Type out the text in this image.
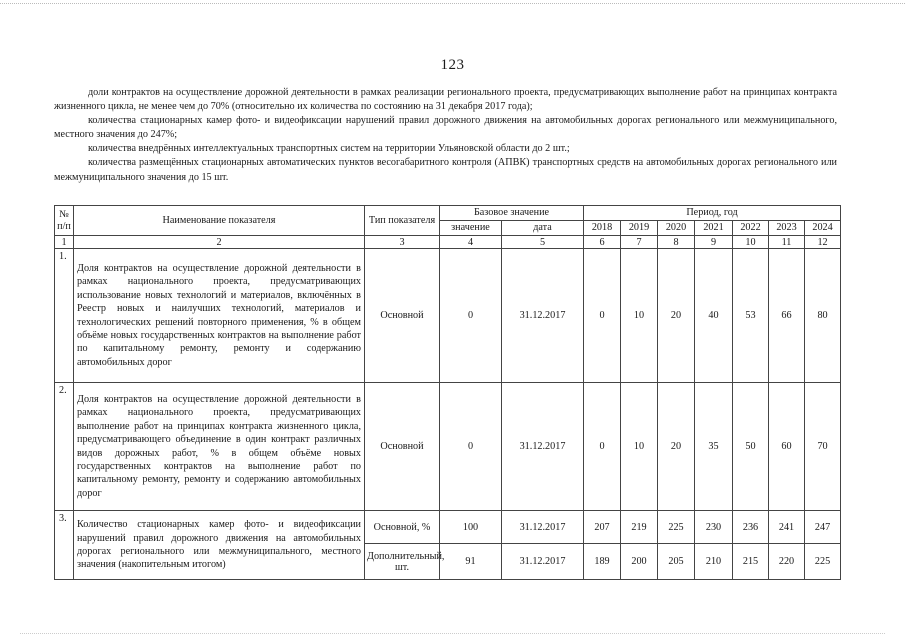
123

доли контрактов на осуществление дорожной деятельности в рамках реализации регионального проекта, предусматривающих выполнение работ на принципах контракта жизненного цикла, не менее чем до 70% (относительно их количества по состоянию на 31 декабря 2017 года);

количества стационарных камер фото- и видеофиксации нарушений правил дорожного движения на автомобильных дорогах регионального или межмуниципального, местного значения до 247%;

количества внедрённых интеллектуальных транспортных систем на территории Ульяновской области до 2 шт.;

количества размещённых стационарных автоматических пунктов весогабаритного контроля (АПВК) транспортных средств на автомобильных дорогах регионального или межмуниципального значения до 15 шт.

№ п/п	Наименование показателя	Тип показателя	Базовое значение		Период, год						
			значение	дата	2018	2019	2020	2021	2022	2023	2024
1	2	3	4	5	6	7	8	9	10	11	12
1.	Доля контрактов на осуществление дорожной деятельности в рамках национального проекта, предусматривающих использование новых технологий и материалов, включённых в Реестр новых и наилучших технологий, материалов и технологических решений повторного применения, % в общем объёме новых государственных контрактов на выполнение работ по капитальному ремонту, ремонту и содержанию автомобильных дорог	Основной	0	31.12.2017	0	10	20	40	53	66	80
2.	Доля контрактов на осуществление дорожной деятельности в рамках национального проекта, предусматривающих выполнение работ на принципах контракта жизненного цикла, предусматривающего объединение в один контракт различных видов дорожных работ, % в общем объёме новых государственных контрактов на выполнение работ по капитальному ремонту, ремонту и содержанию автомобильных дорог	Основной	0	31.12.2017	0	10	20	35	50	60	70
3.	Количество стационарных камер фото- и видеофиксации нарушений правил дорожного движения на автомобильных дорогах регионального или межмуниципального, местного значения (накопительным итогом)	Основной, %	100	31.12.2017	207	219	225	230	236	241	247
		Дополнительный, шт.	91	31.12.2017	189	200	205	210	215	220	225
